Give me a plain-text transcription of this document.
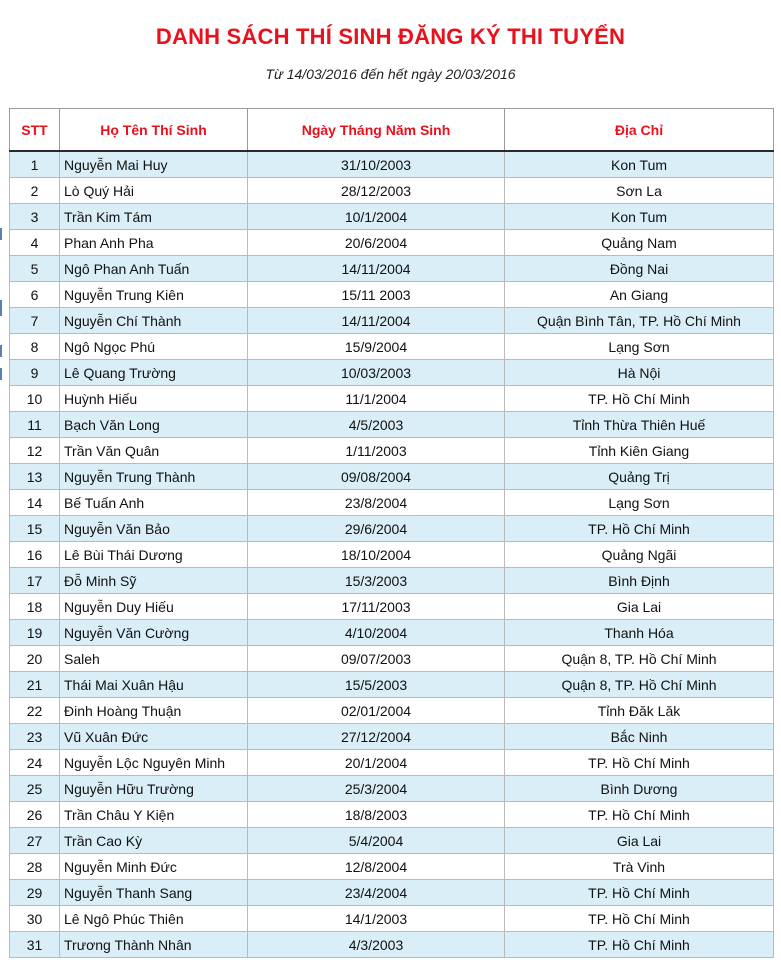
DANH SÁCH THÍ SINH ĐĂNG KÝ THI TUYỂN
Từ 14/03/2016 đến hết ngày 20/03/2016
STT	Họ Tên Thí Sinh	Ngày Tháng Năm Sinh	Địa Chỉ
1	Nguyễn Mai Huy	31/10/2003	Kon Tum
2	Lò Quý Hải	28/12/2003	Sơn La
3	Trần Kim Tám	10/1/2004	Kon Tum
4	Phan Anh Pha	20/6/2004	Quảng Nam
5	Ngô Phan Anh Tuấn	14/11/2004	Đồng Nai
6	Nguyễn Trung Kiên	15/11 2003	An Giang
7	Nguyễn Chí Thành	14/11/2004	Quận Bình Tân, TP. Hồ Chí Minh
8	Ngô Ngọc Phú	15/9/2004	Lạng Sơn
9	Lê Quang Trường	10/03/2003	Hà Nội
10	Huỳnh Hiếu	11/1/2004	TP. Hồ Chí Minh
11	Bạch Văn Long	4/5/2003	Tỉnh Thừa Thiên Huế
12	Trần Văn Quân	1/11/2003	Tỉnh Kiên Giang
13	Nguyễn Trung Thành	09/08/2004	Quảng Trị
14	Bế Tuấn Anh	23/8/2004	Lạng Sơn
15	Nguyễn Văn Bảo	29/6/2004	TP. Hồ Chí Minh
16	Lê Bùi Thái Dương	18/10/2004	Quảng Ngãi
17	Đỗ Minh Sỹ	15/3/2003	Bình Định
18	Nguyễn Duy Hiếu	17/11/2003	Gia Lai
19	Nguyễn Văn Cường	4/10/2004	Thanh Hóa
20	Saleh	09/07/2003	Quận 8, TP. Hồ Chí Minh
21	Thái Mai Xuân Hậu	15/5/2003	Quận 8, TP. Hồ Chí Minh
22	Đinh Hoàng Thuận	02/01/2004	Tỉnh Đăk Lăk
23	Vũ Xuân Đức	27/12/2004	Bắc Ninh
24	Nguyễn Lộc Nguyên Minh	20/1/2004	TP. Hồ Chí Minh
25	Nguyễn Hữu Trường	25/3/2004	Bình Dương
26	Trần Châu Y Kiện	18/8/2003	TP. Hồ Chí Minh
27	Trần Cao Kỳ	5/4/2004	Gia Lai
28	Nguyễn Minh Đức	12/8/2004	Trà Vinh
29	Nguyễn Thanh Sang	23/4/2004	TP. Hồ Chí Minh
30	Lê Ngô Phúc Thiên	14/1/2003	TP. Hồ Chí Minh
31	Trương Thành Nhân	4/3/2003	TP. Hồ Chí Minh
